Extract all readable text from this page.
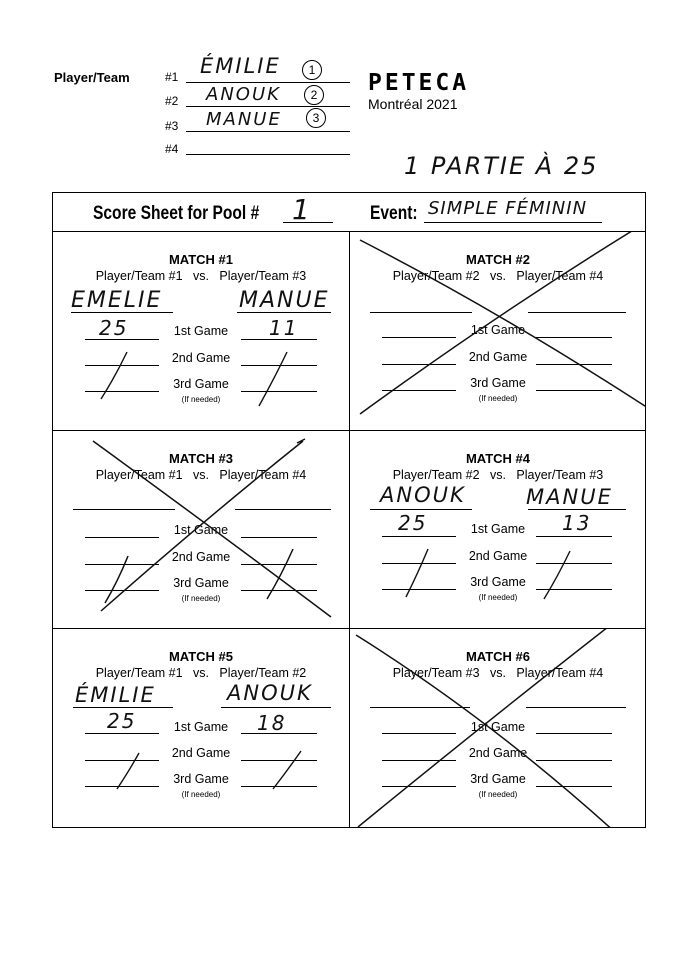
Player/Team	#1 ÉMILIE	1
#2 ANOUK	2
#3 MANUE	3
#4
PETECA
Montréal 2021
1 PARTIE À 25
Score Sheet for Pool # 1	Event: SIMPLE FÉMININ
MATCH #1
Player/Team #1 vs. Player/Team #3
EMELIE	MANUE
25	11
1st Game
2nd Game
3rd Game
(If needed)
MATCH #2
Player/Team #2 vs. Player/Team #4
1st Game
2nd Game
3rd Game
(If needed)
MATCH #3
Player/Team #1 vs. Player/Team #4
1st Game
2nd Game
3rd Game
(If needed)
MATCH #4
Player/Team #2 vs. Player/Team #3
ANOUK	MANUE
25	13
1st Game
2nd Game
3rd Game
(If needed)
MATCH #5
Player/Team #1 vs. Player/Team #2
ÉMILIE	ANOUK
25	18
1st Game
2nd Game
3rd Game
(If needed)
MATCH #6
Player/Team #3 vs. Player/Team #4
1st Game
2nd Game
3rd Game
(If needed)
